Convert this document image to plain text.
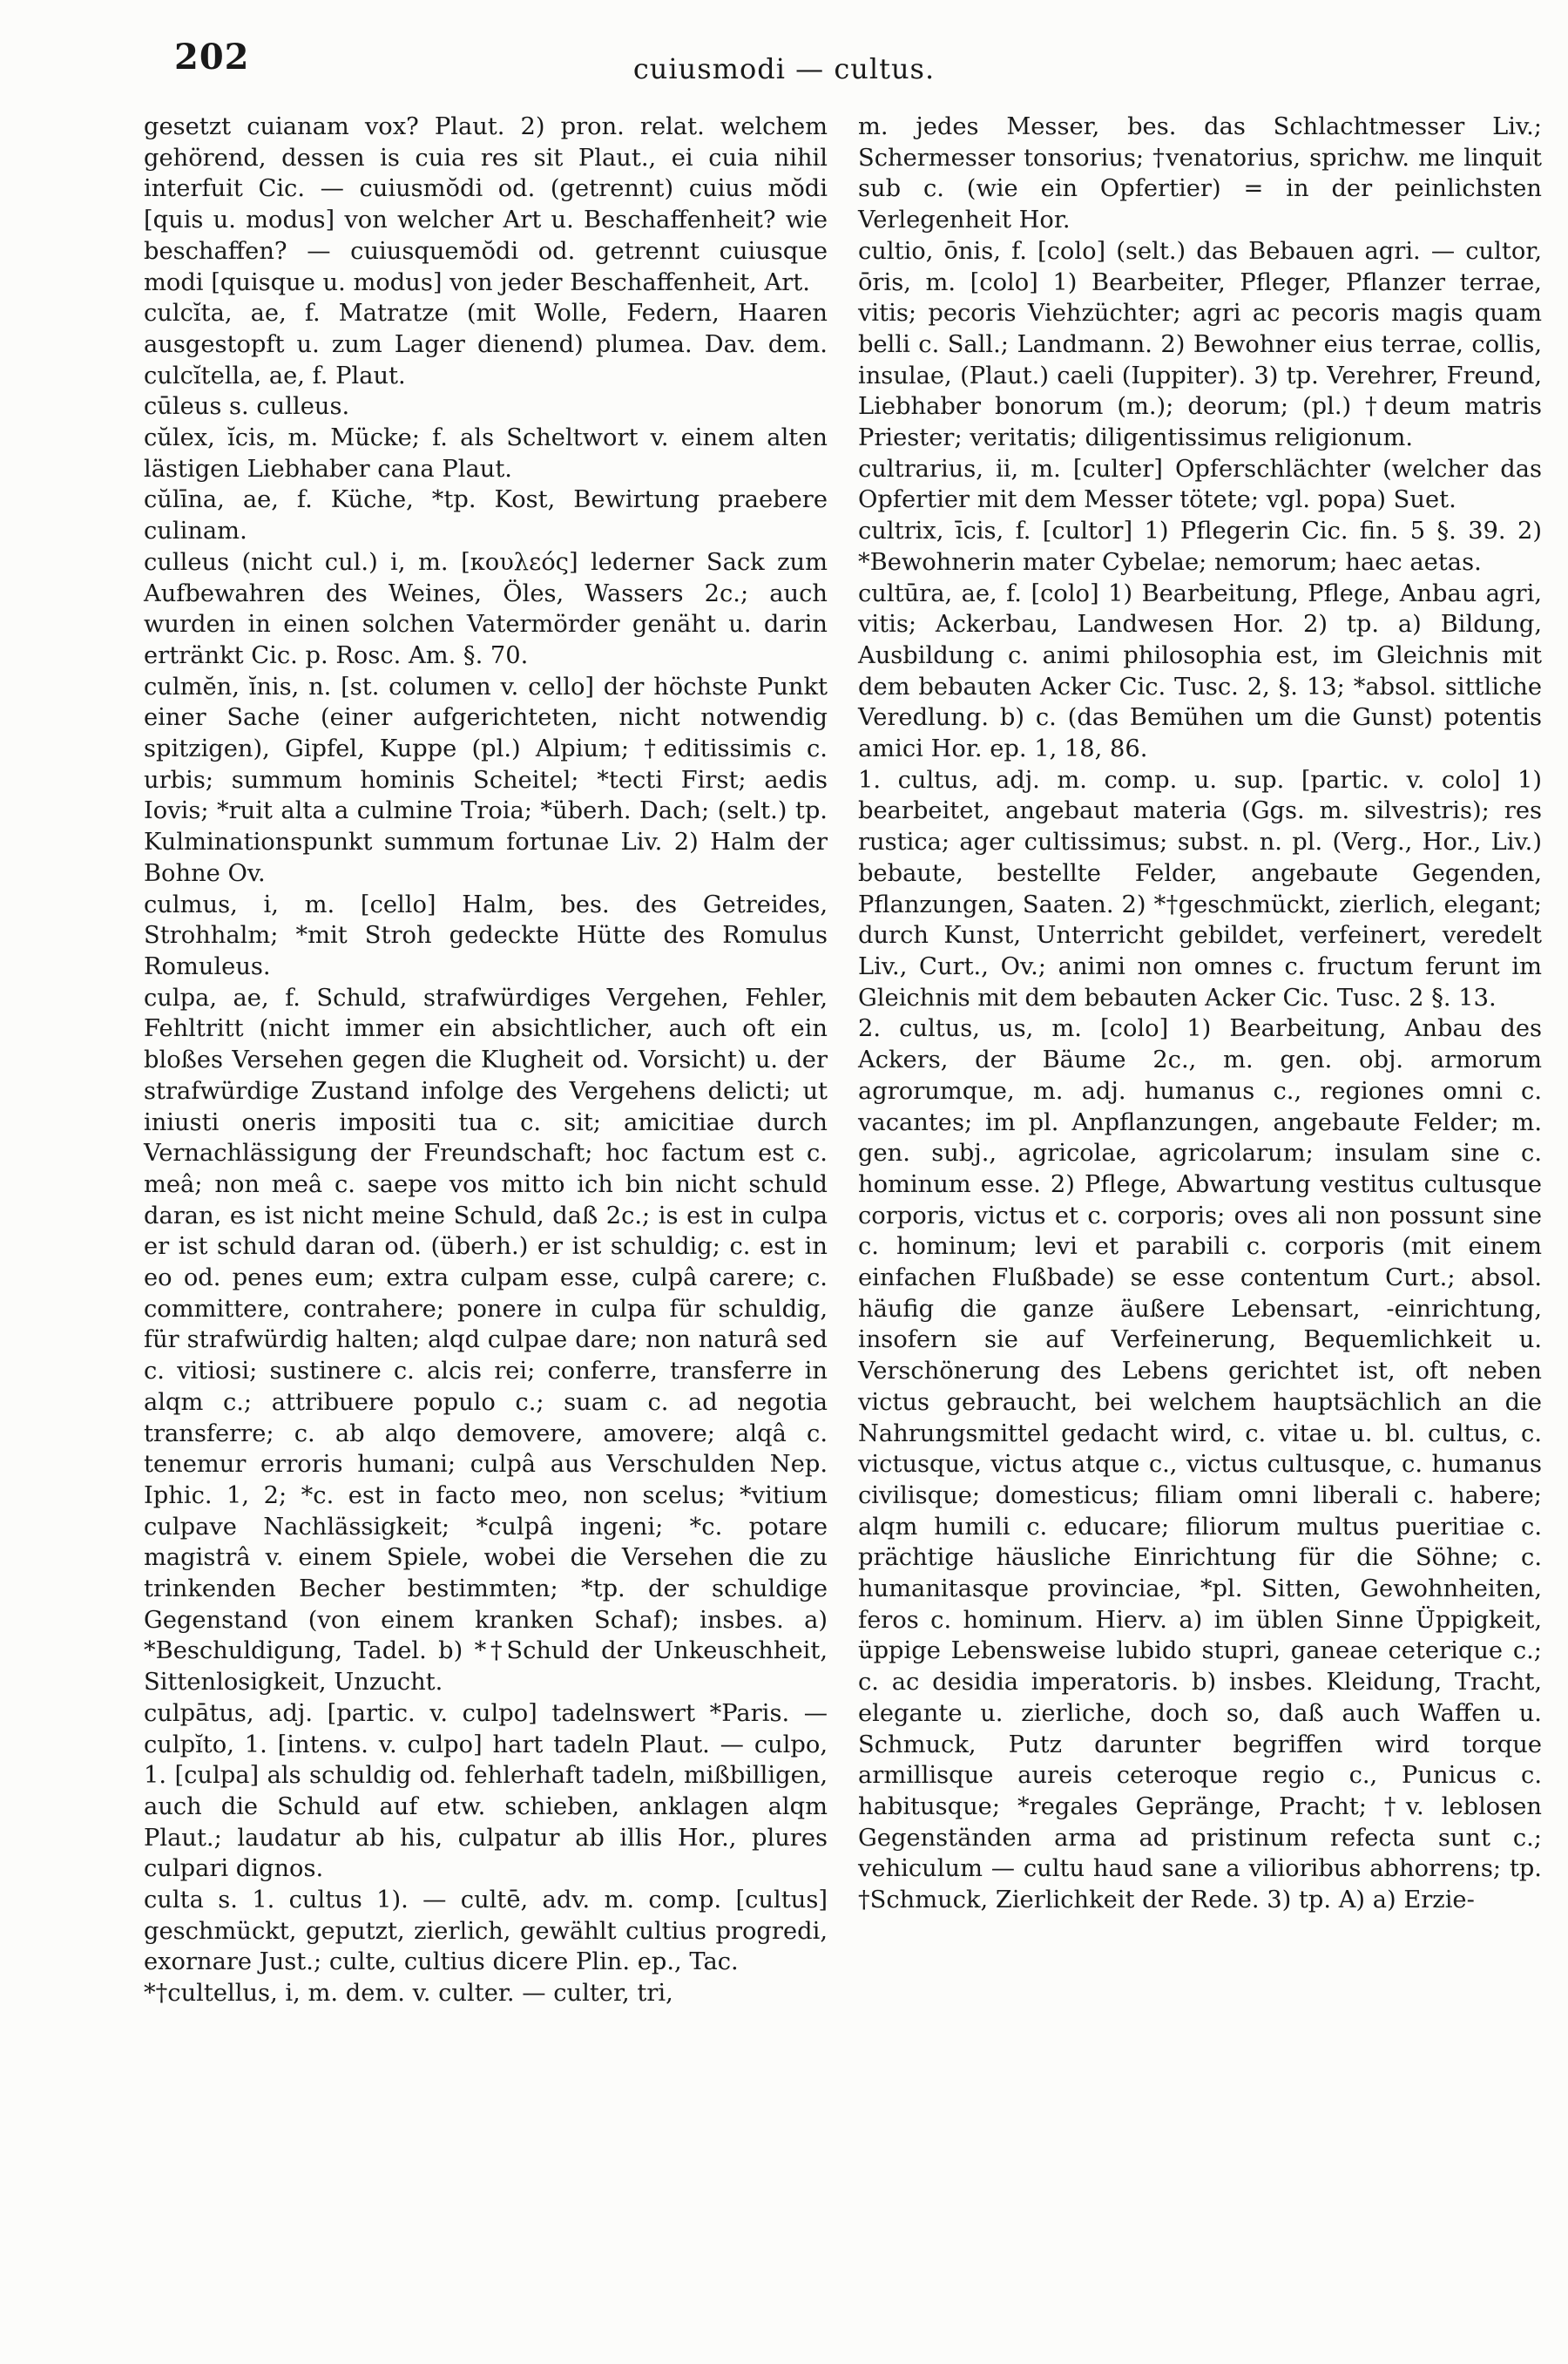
202	cuiusmodi — cultus.

gesetzt cuianam vox? Plaut. 2) pron. relat. welchem gehörend, dessen is cuia res sit Plaut., ei cuia nihil interfuit Cic. — cuiusmŏdi od. (getrennt) cuius mŏdi [quis u. modus] von welcher Art u. Beschaffenheit? wie beschaffen? — cuiusquemŏdi od. getrennt cuiusque modi [quisque u. modus] von jeder Beschaffenheit, Art.

culcĭta, ae, f. Matratze (mit Wolle, Federn, Haaren ausgestopft u. zum Lager dienend) plumea. Dav. dem. culcĭtella, ae, f. Plaut.

cūleus s. culleus.

cŭlex, ĭcis, m. Mücke; f. als Scheltwort v. einem alten lästigen Liebhaber cana Plaut.

cŭlīna, ae, f. Küche, *tp. Kost, Bewirtung praebere culinam.

culleus (nicht cul.) i, m. [κουλεός] lederner Sack zum Aufbewahren des Weines, Öles, Wassers 2c.; auch wurden in einen solchen Vatermörder genäht u. darin ertränkt Cic. p. Rosc. Am. §. 70.

culmĕn, ĭnis, n. [st. columen v. cello] der höchste Punkt einer Sache (einer aufgerichteten, nicht notwendig spitzigen), Gipfel, Kuppe (pl.) Alpium; †editissimis c. urbis; summum hominis Scheitel; *tecti First; aedis Iovis; *ruit alta a culmine Troia; *überh. Dach; (selt.) tp. Kulminationspunkt summum fortunae Liv. 2) Halm der Bohne Ov.

culmus, i, m. [cello] Halm, bes. des Getreides, Strohhalm; *mit Stroh gedeckte Hütte des Romulus Romuleus.

culpa, ae, f. Schuld, strafwürdiges Vergehen, Fehler, Fehltritt (nicht immer ein absichtlicher, auch oft ein bloßes Versehen gegen die Klugheit od. Vorsicht) u. der strafwürdige Zustand infolge des Vergehens delicti; ut iniusti oneris impositi tua c. sit; amicitiae durch Vernachlässigung der Freundschaft; hoc factum est c. meâ; non meâ c. saepe vos mitto ich bin nicht schuld daran, es ist nicht meine Schuld, daß 2c.; is est in culpa er ist schuld daran od. (überh.) er ist schuldig; c. est in eo od. penes eum; extra culpam esse, culpâ carere; c. committere, contrahere; ponere in culpa für schuldig, für strafwürdig halten; alqd culpae dare; non naturâ sed c. vitiosi; sustinere c. alcis rei; conferre, transferre in alqm c.; attribuere populo c.; suam c. ad negotia transferre; c. ab alqo demovere, amovere; alqâ c. tenemur erroris humani; culpâ aus Verschulden Nep. Iphic. 1, 2; *c. est in facto meo, non scelus; *vitium culpave Nachlässigkeit; *culpâ ingeni; *c. potare magistrâ v. einem Spiele, wobei die Versehen die zu trinkenden Becher bestimmten; *tp. der schuldige Gegenstand (von einem kranken Schaf); insbes. a) *Beschuldigung, Tadel. b) *†Schuld der Unkeuschheit, Sittenlosigkeit, Unzucht.

culpātus, adj. [partic. v. culpo] tadelnswert *Paris. — culpĭto, 1. [intens. v. culpo] hart tadeln Plaut. — culpo, 1. [culpa] als schuldig od. fehlerhaft tadeln, mißbilligen, auch die Schuld auf etw. schieben, anklagen alqm Plaut.; laudatur ab his, culpatur ab illis Hor., plures culpari dignos.

culta s. 1. cultus 1). — cultē, adv. m. comp. [cultus] geschmückt, geputzt, zierlich, gewählt cultius progredi, exornare Just.; culte, cultius dicere Plin. ep., Tac.

*†cultellus, i, m. dem. v. culter. — culter, tri,

m. jedes Messer, bes. das Schlachtmesser Liv.; Schermesser tonsorius; †venatorius, sprichw. me linquit sub c. (wie ein Opfertier) = in der peinlichsten Verlegenheit Hor.

cultio, ōnis, f. [colo] (selt.) das Bebauen agri. — cultor, ōris, m. [colo] 1) Bearbeiter, Pfleger, Pflanzer terrae, vitis; pecoris Viehzüchter; agri ac pecoris magis quam belli c. Sall.; Landmann. 2) Bewohner eius terrae, collis, insulae, (Plaut.) caeli (Iuppiter). 3) tp. Verehrer, Freund, Liebhaber bonorum (m.); deorum; (pl.) †deum matris Priester; veritatis; diligentissimus religionum.

cultrarius, ii, m. [culter] Opferschlächter (welcher das Opfertier mit dem Messer tötete; vgl. popa) Suet.

cultrix, īcis, f. [cultor] 1) Pflegerin Cic. fin. 5 §. 39. 2) *Bewohnerin mater Cybelae; nemorum; haec aetas.

cultūra, ae, f. [colo] 1) Bearbeitung, Pflege, Anbau agri, vitis; Ackerbau, Landwesen Hor. 2) tp. a) Bildung, Ausbildung c. animi philosophia est, im Gleichnis mit dem bebauten Acker Cic. Tusc. 2, §. 13; *absol. sittliche Veredlung. b) c. (das Bemühen um die Gunst) potentis amici Hor. ep. 1, 18, 86.

1. cultus, adj. m. comp. u. sup. [partic. v. colo] 1) bearbeitet, angebaut materia (Ggs. m. silvestris); res rustica; ager cultissimus; subst. n. pl. (Verg., Hor., Liv.) bebaute, bestellte Felder, angebaute Gegenden, Pflanzungen, Saaten. 2) *†geschmückt, zierlich, elegant; durch Kunst, Unterricht gebildet, verfeinert, veredelt Liv., Curt., Ov.; animi non omnes c. fructum ferunt im Gleichnis mit dem bebauten Acker Cic. Tusc. 2 §. 13.

2. cultus, us, m. [colo] 1) Bearbeitung, Anbau des Ackers, der Bäume 2c., m. gen. obj. armorum agrorumque, m. adj. humanus c., regiones omni c. vacantes; im pl. Anpflanzungen, angebaute Felder; m. gen. subj., agricolae, agricolarum; insulam sine c. hominum esse. 2) Pflege, Abwartung vestitus cultusque corporis, victus et c. corporis; oves ali non possunt sine c. hominum; levi et parabili c. corporis (mit einem einfachen Flußbade) se esse contentum Curt.; absol. häufig die ganze äußere Lebensart, -einrichtung, insofern sie auf Verfeinerung, Bequemlichkeit u. Verschönerung des Lebens gerichtet ist, oft neben victus gebraucht, bei welchem hauptsächlich an die Nahrungsmittel gedacht wird, c. vitae u. bl. cultus, c. victusque, victus atque c., victus cultusque, c. humanus civilisque; domesticus; filiam omni liberali c. habere; alqm humili c. educare; filiorum multus pueritiae c. prächtige häusliche Einrichtung für die Söhne; c. humanitasque provinciae, *pl. Sitten, Gewohnheiten, feros c. hominum. Hierv. a) im üblen Sinne Üppigkeit, üppige Lebensweise lubido stupri, ganeae ceterique c.; c. ac desidia imperatoris. b) insbes. Kleidung, Tracht, elegante u. zierliche, doch so, daß auch Waffen u. Schmuck, Putz darunter begriffen wird torque armillisque aureis ceteroque regio c., Punicus c. habitusque; *regales Gepränge, Pracht; †v. leblosen Gegenständen arma ad pristinum refecta sunt c.; vehiculum — cultu haud sane a vilioribus abhorrens; tp. †Schmuck, Zierlichkeit der Rede. 3) tp. A) a) Erzie-
